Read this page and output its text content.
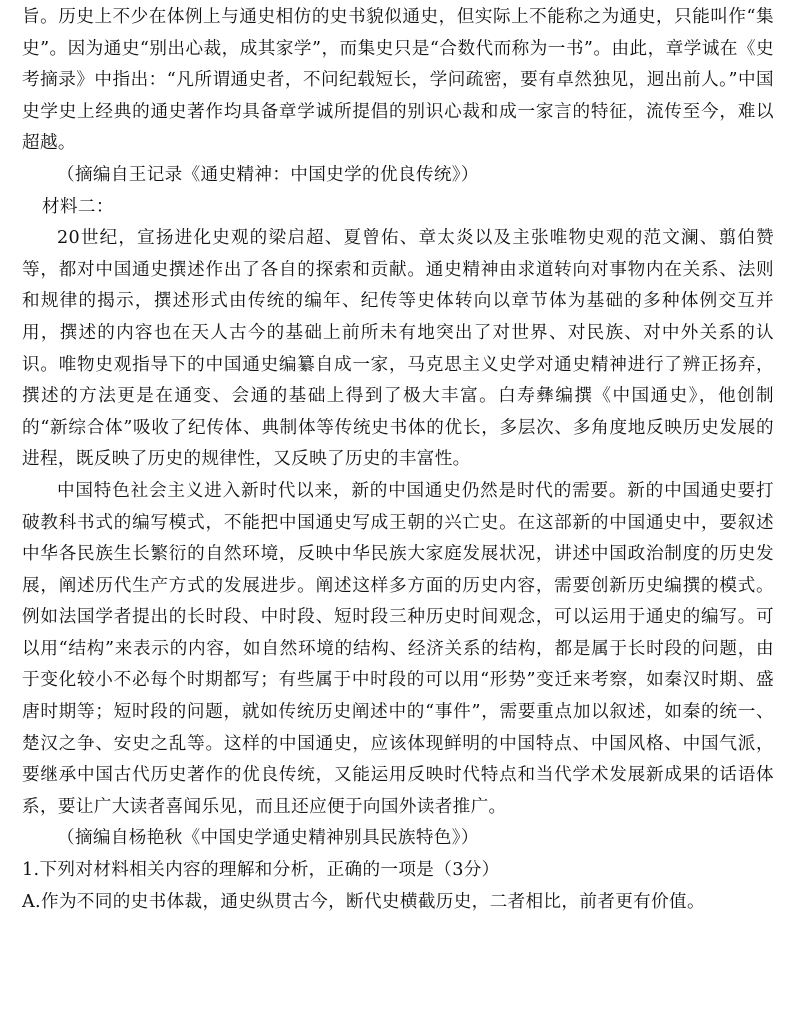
旨。历史上不少在体例上与通史相仿的史书貌似通史，但实际上不能称之为通史，只能叫作“集史”。因为通史“别出心裁，成其家学”，而集史只是“合数代而称为一书”。由此，章学诚在《史考摘录》中指出：“凡所谓通史者，不问纪载短长，学问疏密，要有卓然独见，迥出前人。”中国史学史上经典的通史著作均具备章学诚所提倡的别识心裁和成一家言的特征，流传至今，难以超越。

（摘编自王记录《通史精神：中国史学的优良传统》）

材料二：

20世纪，宣扬进化史观的梁启超、夏曾佑、章太炎以及主张唯物史观的范文澜、翦伯赞等，都对中国通史撰述作出了各自的探索和贡献。通史精神由求道转向对事物内在关系、法则和规律的揭示，撰述形式由传统的编年、纪传等史体转向以章节体为基础的多种体例交互并用，撰述的内容也在天人古今的基础上前所未有地突出了对世界、对民族、对中外关系的认识。唯物史观指导下的中国通史编纂自成一家，马克思主义史学对通史精神进行了辨正扬弃，撰述的方法更是在通变、会通的基础上得到了极大丰富。白寿彝编撰《中国通史》，他创制的“新综合体”吸收了纪传体、典制体等传统史书体的优长，多层次、多角度地反映历史发展的进程，既反映了历史的规律性，又反映了历史的丰富性。

中国特色社会主义进入新时代以来，新的中国通史仍然是时代的需要。新的中国通史要打破教科书式的编写模式，不能把中国通史写成王朝的兴亡史。在这部新的中国通史中，要叙述中华各民族生长繁衍的自然环境，反映中华民族大家庭发展状况，讲述中国政治制度的历史发展，阐述历代生产方式的发展进步。阐述这样多方面的历史内容，需要创新历史编撰的模式。例如法国学者提出的长时段、中时段、短时段三种历史时间观念，可以运用于通史的编写。可以用“结构”来表示的内容，如自然环境的结构、经济关系的结构，都是属于长时段的问题，由于变化较小不必每个时期都写；有些属于中时段的可以用“形势”变迁来考察，如秦汉时期、盛唐时期等；短时段的问题，就如传统历史阐述中的“事件”，需要重点加以叙述，如秦的统一、楚汉之争、安史之乱等。这样的中国通史，应该体现鲜明的中国特点、中国风格、中国气派，要继承中国古代历史著作的优良传统，又能运用反映时代特点和当代学术发展新成果的话语体系，要让广大读者喜闻乐见，而且还应便于向国外读者推广。

（摘编自杨艳秋《中国史学通史精神别具民族特色》）

1.下列对材料相关内容的理解和分析，正确的一项是（3分）

A.作为不同的史书体裁，通史纵贯古今，断代史横截历史，二者相比，前者更有价值。
